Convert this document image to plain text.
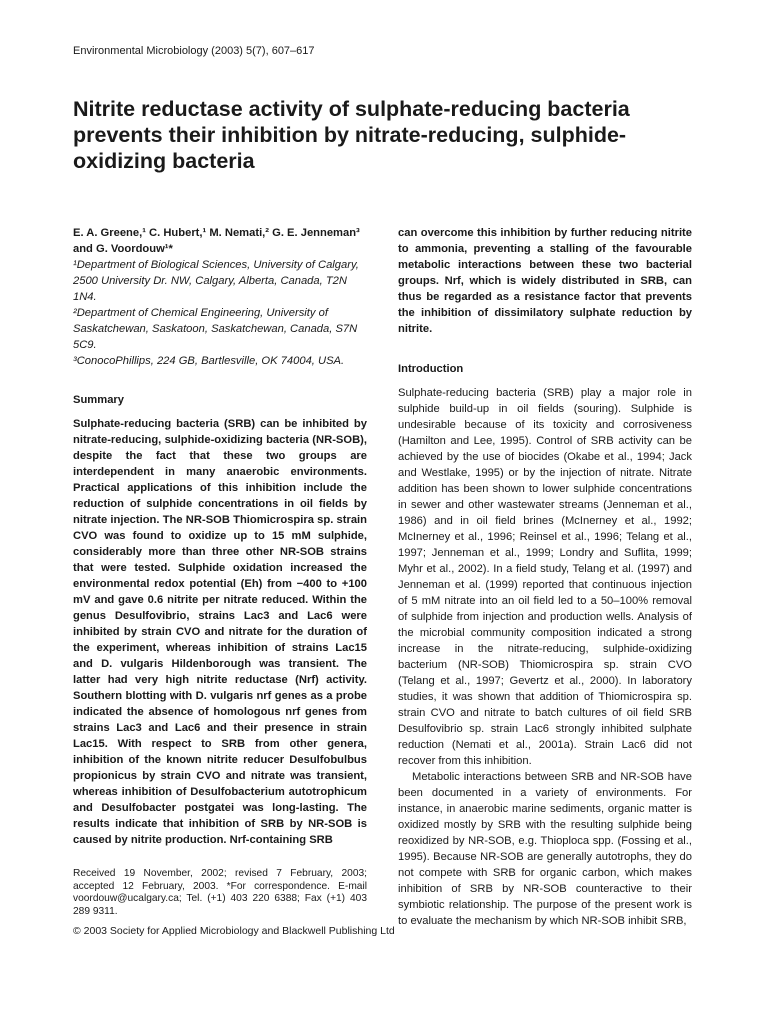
Environmental Microbiology (2003) 5(7), 607–617
Nitrite reductase activity of sulphate-reducing bacteria prevents their inhibition by nitrate-reducing, sulphide-oxidizing bacteria
E. A. Greene,¹ C. Hubert,¹ M. Nemati,² G. E. Jenneman³
and G. Voordouw¹*
¹Department of Biological Sciences, University of Calgary, 2500 University Dr. NW, Calgary, Alberta, Canada, T2N 1N4.
²Department of Chemical Engineering, University of Saskatchewan, Saskatoon, Saskatchewan, Canada, S7N 5C9.
³ConocoPhillips, 224 GB, Bartlesville, OK 74004, USA.
Summary
Sulphate-reducing bacteria (SRB) can be inhibited by nitrate-reducing, sulphide-oxidizing bacteria (NR-SOB), despite the fact that these two groups are interdependent in many anaerobic environments. Practical applications of this inhibition include the reduction of sulphide concentrations in oil fields by nitrate injection. The NR-SOB Thiomicrospira sp. strain CVO was found to oxidize up to 15 mM sulphide, considerably more than three other NR-SOB strains that were tested. Sulphide oxidation increased the environmental redox potential (Eh) from −400 to +100 mV and gave 0.6 nitrite per nitrate reduced. Within the genus Desulfovibrio, strains Lac3 and Lac6 were inhibited by strain CVO and nitrate for the duration of the experiment, whereas inhibition of strains Lac15 and D. vulgaris Hildenborough was transient. The latter had very high nitrite reductase (Nrf) activity. Southern blotting with D. vulgaris nrf genes as a probe indicated the absence of homologous nrf genes from strains Lac3 and Lac6 and their presence in strain Lac15. With respect to SRB from other genera, inhibition of the known nitrite reducer Desulfobulbus propionicus by strain CVO and nitrate was transient, whereas inhibition of Desulfobacterium autotrophicum and Desulfobacter postgatei was long-lasting. The results indicate that inhibition of SRB by NR-SOB is caused by nitrite production. Nrf-containing SRB
Received 19 November, 2002; revised 7 February, 2003; accepted 12 February, 2003. *For correspondence. E-mail voordouw@ucalgary.ca; Tel. (+1) 403 220 6388; Fax (+1) 403 289 9311.
© 2003 Society for Applied Microbiology and Blackwell Publishing Ltd
can overcome this inhibition by further reducing nitrite to ammonia, preventing a stalling of the favourable metabolic interactions between these two bacterial groups. Nrf, which is widely distributed in SRB, can thus be regarded as a resistance factor that prevents the inhibition of dissimilatory sulphate reduction by nitrite.
Introduction

Sulphate-reducing bacteria (SRB) play a major role in sulphide build-up in oil fields (souring). Sulphide is undesirable because of its toxicity and corrosiveness (Hamilton and Lee, 1995). Control of SRB activity can be achieved by the use of biocides (Okabe et al., 1994; Jack and Westlake, 1995) or by the injection of nitrate. Nitrate addition has been shown to lower sulphide concentrations in sewer and other wastewater streams (Jenneman et al., 1986) and in oil field brines (McInerney et al., 1992; McInerney et al., 1996; Reinsel et al., 1996; Telang et al., 1997; Jenneman et al., 1999; Londry and Suflita, 1999; Myhr et al., 2002). In a field study, Telang et al. (1997) and Jenneman et al. (1999) reported that continuous injection of 5 mM nitrate into an oil field led to a 50–100% removal of sulphide from injection and production wells. Analysis of the microbial community composition indicated a strong increase in the nitrate-reducing, sulphide-oxidizing bacterium (NR-SOB) Thiomicrospira sp. strain CVO (Telang et al., 1997; Gevertz et al., 2000). In laboratory studies, it was shown that addition of Thiomicrospira sp. strain CVO and nitrate to batch cultures of oil field SRB Desulfovibrio sp. strain Lac6 strongly inhibited sulphate reduction (Nemati et al., 2001a). Strain Lac6 did not recover from this inhibition.

Metabolic interactions between SRB and NR-SOB have been documented in a variety of environments. For instance, in anaerobic marine sediments, organic matter is oxidized mostly by SRB with the resulting sulphide being reoxidized by NR-SOB, e.g. Thioploca spp. (Fossing et al., 1995). Because NR-SOB are generally autotrophs, they do not compete with SRB for organic carbon, which makes inhibition of SRB by NR-SOB counteractive to their symbiotic relationship. The purpose of the present work is to evaluate the mechanism by which NR-SOB inhibit SRB,
